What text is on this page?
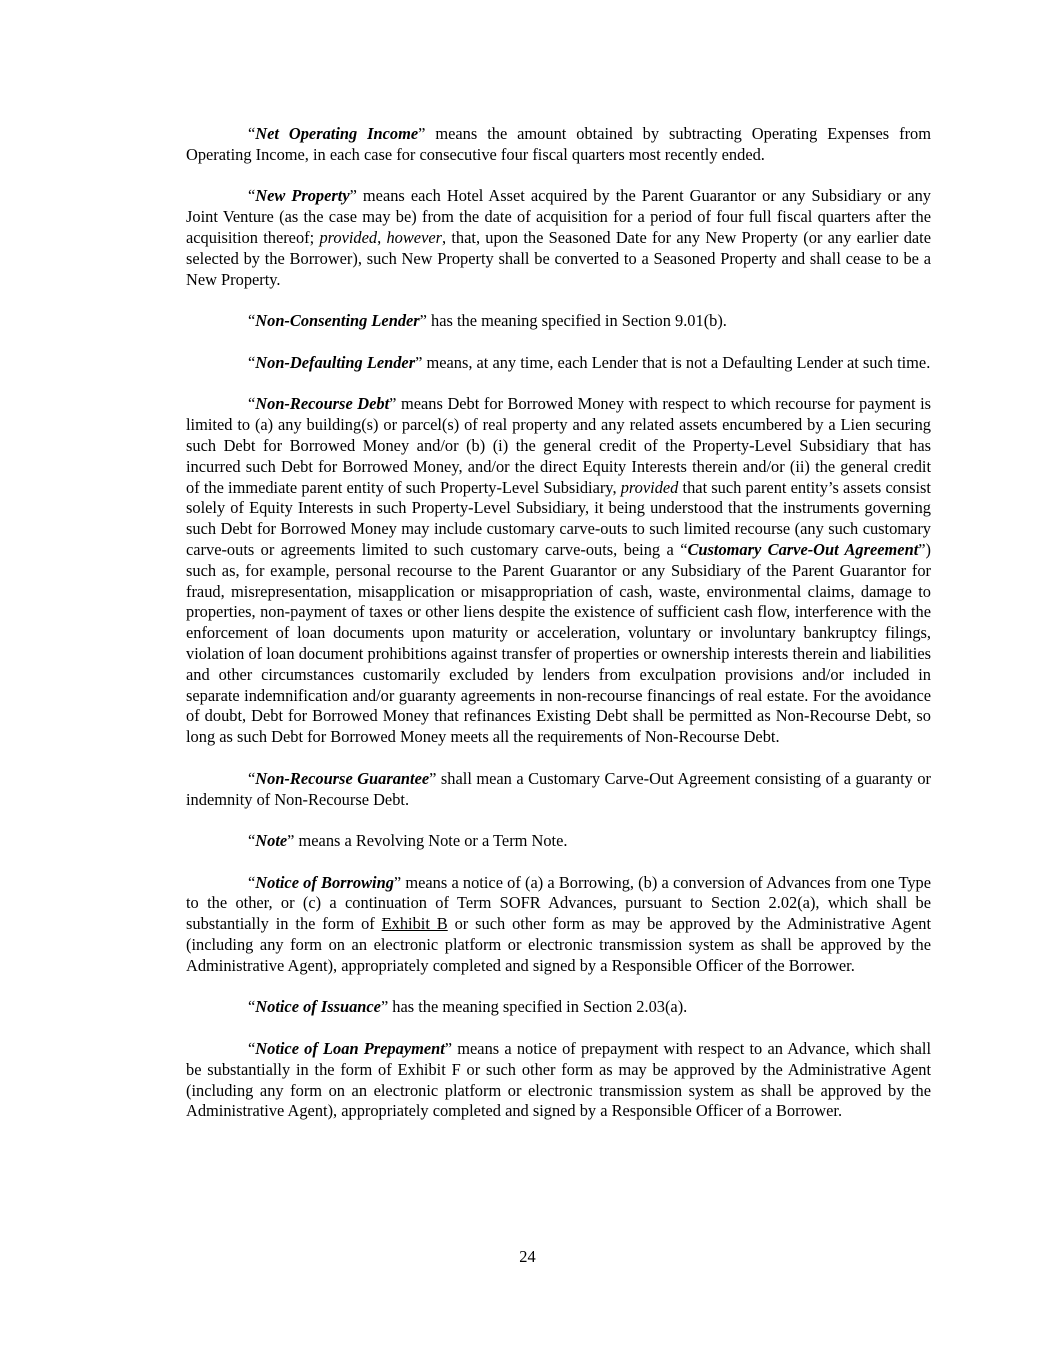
“Net Operating Income” means the amount obtained by subtracting Operating Expenses from Operating Income, in each case for consecutive four fiscal quarters most recently ended.

“New Property” means each Hotel Asset acquired by the Parent Guarantor or any Subsidiary or any Joint Venture (as the case may be) from the date of acquisition for a period of four full fiscal quarters after the acquisition thereof; provided, however, that, upon the Seasoned Date for any New Property (or any earlier date selected by the Borrower), such New Property shall be converted to a Seasoned Property and shall cease to be a New Property.

“Non-Consenting Lender” has the meaning specified in Section 9.01(b).

“Non-Defaulting Lender” means, at any time, each Lender that is not a Defaulting Lender at such time.

“Non-Recourse Debt” means Debt for Borrowed Money with respect to which recourse for payment is limited to (a) any building(s) or parcel(s) of real property and any related assets encumbered by a Lien securing such Debt for Borrowed Money and/or (b) (i) the general credit of the Property-Level Subsidiary that has incurred such Debt for Borrowed Money, and/or the direct Equity Interests therein and/or (ii) the general credit of the immediate parent entity of such Property-Level Subsidiary, provided that such parent entity’s assets consist solely of Equity Interests in such Property-Level Subsidiary, it being understood that the instruments governing such Debt for Borrowed Money may include customary carve-outs to such limited recourse (any such customary carve-outs or agreements limited to such customary carve-outs, being a “Customary Carve-Out Agreement”) such as, for example, personal recourse to the Parent Guarantor or any Subsidiary of the Parent Guarantor for fraud, misrepresentation, misapplication or misappropriation of cash, waste, environmental claims, damage to properties, non-payment of taxes or other liens despite the existence of sufficient cash flow, interference with the enforcement of loan documents upon maturity or acceleration, voluntary or involuntary bankruptcy filings, violation of loan document prohibitions against transfer of properties or ownership interests therein and liabilities and other circumstances customarily excluded by lenders from exculpation provisions and/or included in separate indemnification and/or guaranty agreements in non-recourse financings of real estate. For the avoidance of doubt, Debt for Borrowed Money that refinances Existing Debt shall be permitted as Non-Recourse Debt, so long as such Debt for Borrowed Money meets all the requirements of Non-Recourse Debt.

“Non-Recourse Guarantee” shall mean a Customary Carve-Out Agreement consisting of a guaranty or indemnity of Non-Recourse Debt.

“Note” means a Revolving Note or a Term Note.

“Notice of Borrowing” means a notice of (a) a Borrowing, (b) a conversion of Advances from one Type to the other, or (c) a continuation of Term SOFR Advances, pursuant to Section 2.02(a), which shall be substantially in the form of Exhibit B or such other form as may be approved by the Administrative Agent (including any form on an electronic platform or electronic transmission system as shall be approved by the Administrative Agent), appropriately completed and signed by a Responsible Officer of the Borrower.

“Notice of Issuance” has the meaning specified in Section 2.03(a).

“Notice of Loan Prepayment” means a notice of prepayment with respect to an Advance, which shall be substantially in the form of Exhibit F or such other form as may be approved by the Administrative Agent (including any form on an electronic platform or electronic transmission system as shall be approved by the Administrative Agent), appropriately completed and signed by a Responsible Officer of a Borrower.

24
